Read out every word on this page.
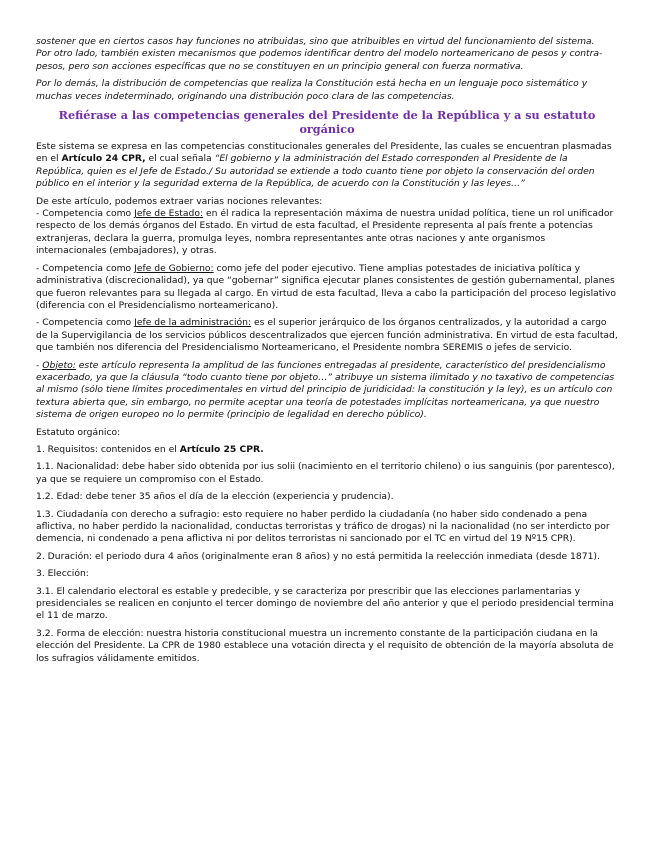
sostener que en ciertos casos hay funciones no atribuidas, sino que atribuibles en virtud del funcionamiento del sistema.

Por otro lado, también existen mecanismos que podemos identificar dentro del modelo norteamericano de pesos y contra-pesos, pero son acciones específicas que no se constituyen en un principio general con fuerza normativa.

Por lo demás, la distribución de competencias que realiza la Constitución está hecha en un lenguaje poco sistemático y muchas veces indeterminado, originando una distribución poco clara de las competencias.

Refiérase a las competencias generales del Presidente de la República y a su estatuto orgánico

Este sistema se expresa en las competencias constitucionales generales del Presidente, las cuales se encuentran plasmadas en el Artículo 24 CPR, el cual señala “El gobierno y la administración del Estado corresponden al Presidente de la República, quien es el Jefe de Estado./ Su autoridad se extiende a todo cuanto tiene por objeto la conservación del orden público en el interior y la seguridad externa de la República, de acuerdo con la Constitución y las leyes…”

De este artículo, podemos extraer varias nociones relevantes:

- Competencia como Jefe de Estado: en él radica la representación máxima de nuestra unidad política, tiene un rol unificador respecto de los demás órganos del Estado. En virtud de esta facultad, el Presidente representa al país frente a potencias extranjeras, declara la guerra, promulga leyes, nombra representantes ante otras naciones y ante organismos internacionales (embajadores), y otras.

- Competencia como Jefe de Gobierno: como jefe del poder ejecutivo. Tiene amplias potestades de iniciativa política y administrativa (discrecionalidad), ya que “gobernar” significa ejecutar planes consistentes de gestión gubernamental, planes que fueron relevantes para su llegada al cargo. En virtud de esta facultad, lleva a cabo la participación del proceso legislativo (diferencia con el Presidencialismo norteamericano).

- Competencia como Jefe de la administración: es el superior jerárquico de los órganos centralizados, y la autoridad a cargo de la Supervigilancia de los servicios públicos descentralizados que ejercen función administrativa. En virtud de esta facultad, que también nos diferencia del Presidencialismo Norteamericano, el Presidente nombra SEREMIS o jefes de servicio.

- Objeto: este artículo representa la amplitud de las funciones entregadas al presidente, característico del presidencialismo exacerbado, ya que la cláusula “todo cuanto tiene por objeto…” atribuye un sistema ilimitado y no taxativo de competencias al mismo (sólo tiene límites procedimentales en virtud del principio de juridicidad: la constitución y la ley), es un artículo con textura abierta que, sin embargo, no permite aceptar una teoría de potestades implícitas norteamericana, ya que nuestro sistema de origen europeo no lo permite (principio de legalidad en derecho público).

Estatuto orgánico:

1. Requisitos: contenidos en el Artículo 25 CPR.

1.1. Nacionalidad: debe haber sido obtenida por ius solii (nacimiento en el territorio chileno) o ius sanguinis (por parentesco), ya que se requiere un compromiso con el Estado.

1.2. Edad: debe tener 35 años el día de la elección (experiencia y prudencia).

1.3. Ciudadanía con derecho a sufragio: esto requiere no haber perdido la ciudadanía (no haber sido condenado a pena aflictiva, no haber perdido la nacionalidad, conductas terroristas y tráfico de drogas) ni la nacionalidad (no ser interdicto por demencia, ni condenado a pena aflictiva ni por delitos terroristas ni sancionado por el TC en virtud del 19 Nº15 CPR).

2. Duración: el periodo dura 4 años (originalmente eran 8 años) y no está permitida la reelección inmediata (desde 1871).

3. Elección:

3.1. El calendario electoral es estable y predecible, y se caracteriza por prescribir que las elecciones parlamentarias y presidenciales se realicen en conjunto el tercer domingo de noviembre del año anterior y que el periodo presidencial termina el 11 de marzo.

3.2. Forma de elección: nuestra historia constitucional muestra un incremento constante de la participación ciudana en la elección del Presidente. La CPR de 1980 establece una votación directa y el requisito de obtención de la mayoría absoluta de los sufragios válidamente emitidos.
